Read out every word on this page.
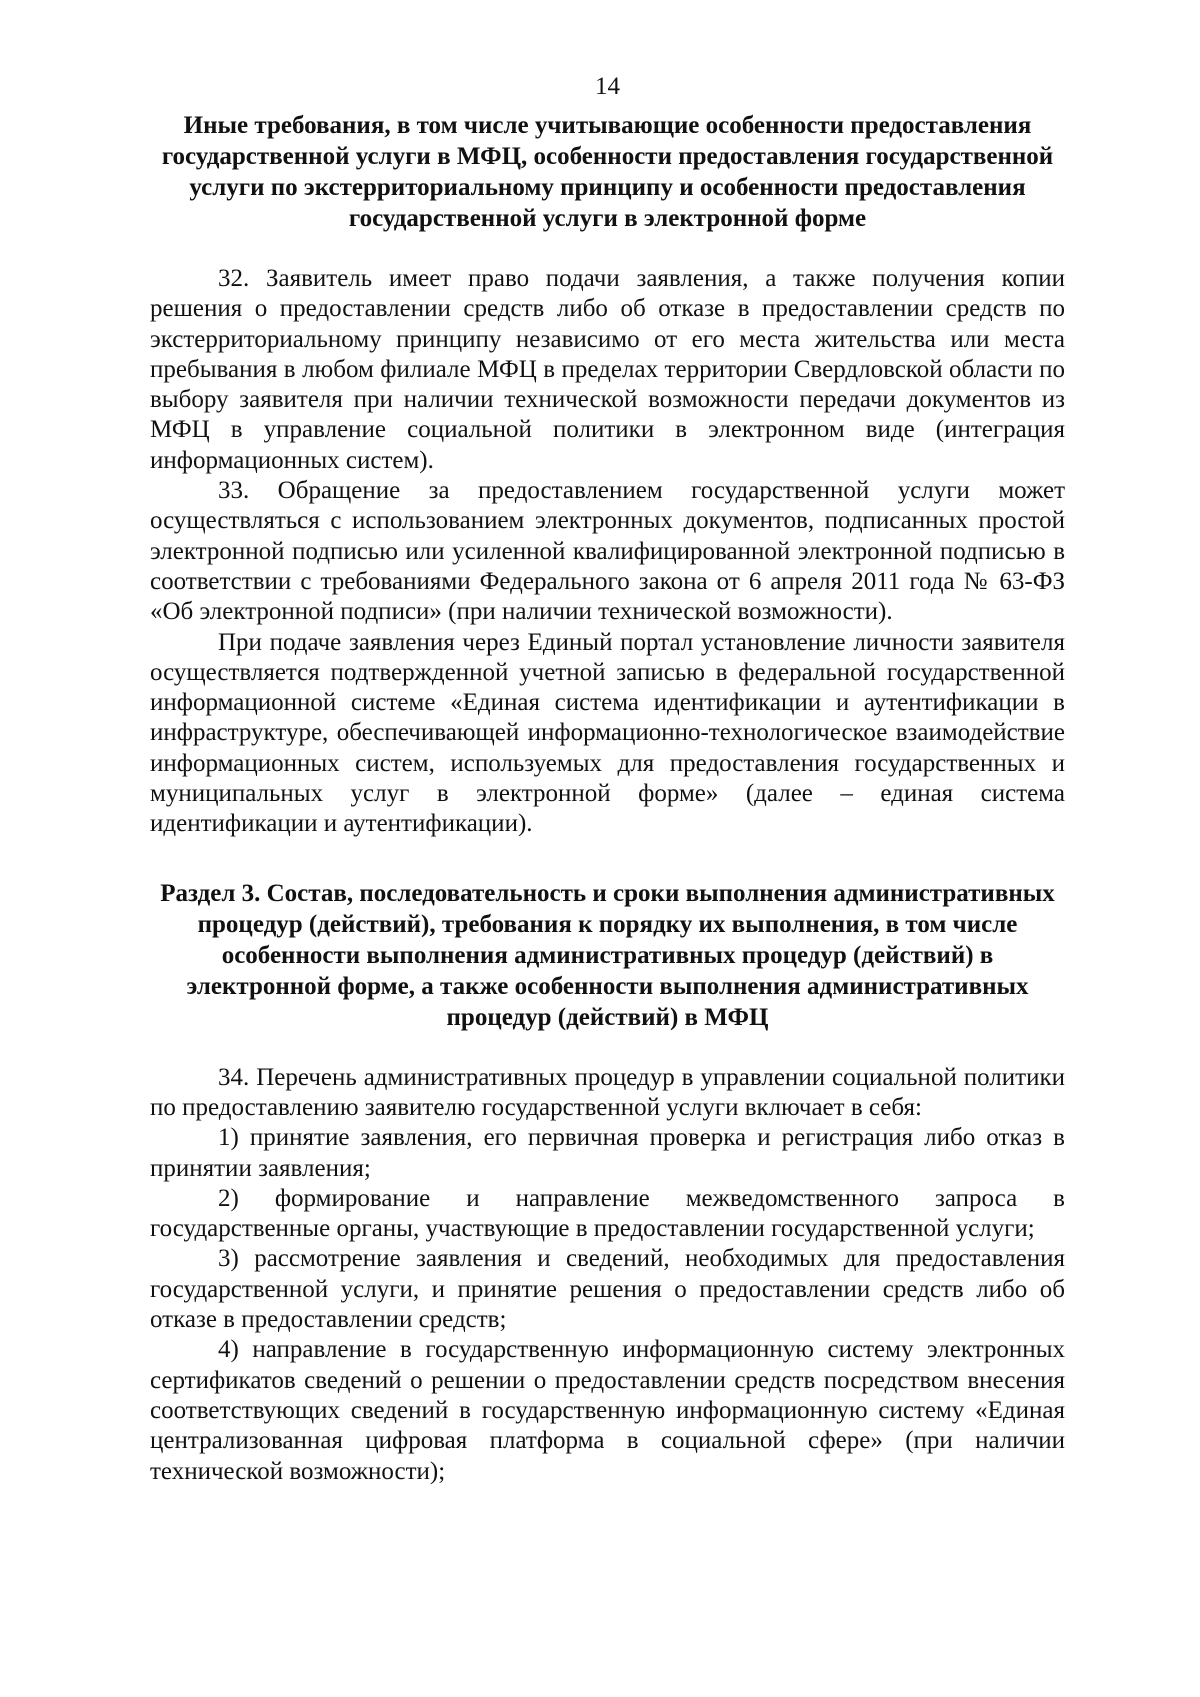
14
Иные требования, в том числе учитывающие особенности предоставления государственной услуги в МФЦ, особенности предоставления государственной услуги по экстерриториальному принципу и особенности предоставления государственной услуги в электронной форме

32. Заявитель имеет право подачи заявления, а также получения копии решения о предоставлении средств либо об отказе в предоставлении средств по экстерриториальному принципу независимо от его места жительства или места пребывания в любом филиале МФЦ в пределах территории Свердловской области по выбору заявителя при наличии технической возможности передачи документов из МФЦ в управление социальной политики в электронном виде (интеграция информационных систем).

33. Обращение за предоставлением государственной услуги может осуществляться с использованием электронных документов, подписанных простой электронной подписью или усиленной квалифицированной электронной подписью в соответствии с требованиями Федерального закона от 6 апреля 2011 года № 63-ФЗ «Об электронной подписи» (при наличии технической возможности).

При подаче заявления через Единый портал установление личности заявителя осуществляется подтвержденной учетной записью в федеральной государственной информационной системе «Единая система идентификации и аутентификации в инфраструктуре, обеспечивающей информационно-технологическое взаимодействие информационных систем, используемых для предоставления государственных и муниципальных услуг в электронной форме» (далее – единая система идентификации и аутентификации).

Раздел 3. Состав, последовательность и сроки выполнения административных процедур (действий), требования к порядку их выполнения, в том числе особенности выполнения административных процедур (действий) в электронной форме, а также особенности выполнения административных процедур (действий) в МФЦ

34. Перечень административных процедур в управлении социальной политики по предоставлению заявителю государственной услуги включает в себя:

1) принятие заявления, его первичная проверка и регистрация либо отказ в принятии заявления;

2) формирование и направление межведомственного запроса в государственные органы, участвующие в предоставлении государственной услуги;

3) рассмотрение заявления и сведений, необходимых для предоставления государственной услуги, и принятие решения о предоставлении средств либо об отказе в предоставлении средств;

4) направление в государственную информационную систему электронных сертификатов сведений о решении о предоставлении средств посредством внесения соответствующих сведений в государственную информационную систему «Единая централизованная цифровая платформа в социальной сфере» (при наличии технической возможности);
